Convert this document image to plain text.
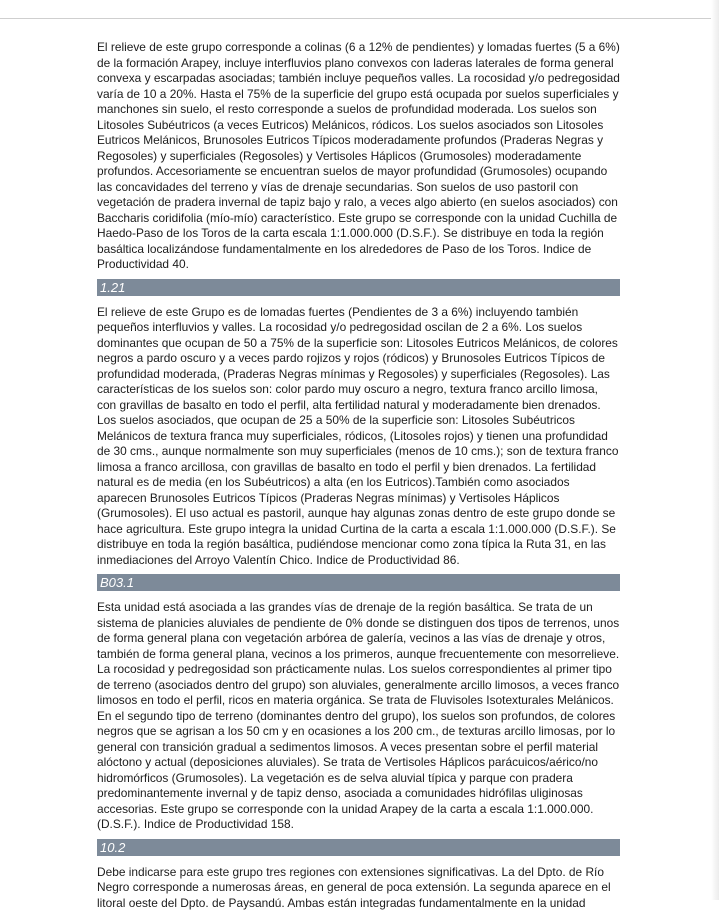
El relieve de este grupo corresponde a colinas (6 a 12% de pendientes) y lomadas fuertes (5 a 6%) de la formación Arapey, incluye interfluvios plano convexos con laderas laterales de forma general convexa y escarpadas asociadas; también incluye pequeños valles. La rocosidad y/o pedregosidad varía de 10 a 20%. Hasta el 75% de la superficie del grupo está ocupada por suelos superficiales y manchones sin suelo, el resto corresponde a suelos de profundidad moderada. Los suelos son Litosoles Subéutricos (a veces Eutricos) Melánicos, ródicos. Los suelos asociados son Litosoles Eutricos Melánicos, Brunosoles Eutricos Típicos moderadamente profundos (Praderas Negras y Regosoles) y superficiales (Regosoles) y Vertisoles Háplicos (Grumosoles) moderadamente profundos. Accesoriamente se encuentran suelos de mayor profundidad (Grumosoles) ocupando las concavidades del terreno y vías de drenaje secundarias. Son suelos de uso pastoril con vegetación de pradera invernal de tapiz bajo y ralo, a veces algo abierto (en suelos asociados) con Baccharis coridifolia (mío-mío) característico. Este grupo se corresponde con la unidad Cuchilla de Haedo-Paso de los Toros de la carta escala 1:1.000.000 (D.S.F.). Se distribuye en toda la región basáltica localizándose fundamentalmente en los alrededores de Paso de los Toros. Indice de Productividad 40.

1.21

El relieve de este Grupo es de lomadas fuertes (Pendientes de 3 a 6%) incluyendo también pequeños interfluvios y valles. La rocosidad y/o pedregosidad oscilan de 2 a 6%. Los suelos dominantes que ocupan de 50 a 75% de la superficie son: Litosoles Eutricos Melánicos, de colores negros a pardo oscuro y a veces pardo rojizos y rojos (ródicos) y Brunosoles Eutricos Típicos de profundidad moderada, (Praderas Negras mínimas y Regosoles) y superficiales (Regosoles). Las características de los suelos son: color pardo muy oscuro a negro, textura franco arcillo limosa, con gravillas de basalto en todo el perfil, alta fertilidad natural y moderadamente bien drenados. Los suelos asociados, que ocupan de 25 a 50% de la superficie son: Litosoles Subéutricos Melánicos de textura franca muy superficiales, ródicos, (Litosoles rojos) y tienen una profundidad de 30 cms., aunque normalmente son muy superficiales (menos de 10 cms.); son de textura franco limosa a franco arcillosa, con gravillas de basalto en todo el perfil y bien drenados. La fertilidad natural es de media (en los Subéutricos) a alta (en los Eutricos).También como asociados aparecen Brunosoles Eutricos Típicos (Praderas Negras mínimas) y Vertisoles Háplicos (Grumosoles). El uso actual es pastoril, aunque hay algunas zonas dentro de este grupo donde se hace agricultura. Este grupo integra la unidad Curtina de la carta a escala 1:1.000.000 (D.S.F.). Se distribuye en toda la región basáltica, pudiéndose mencionar como zona típica la Ruta 31, en las inmediaciones del Arroyo Valentín Chico. Indice de Productividad 86.

B03.1

Esta unidad está asociada a las grandes vías de drenaje de la región basáltica. Se trata de un sistema de planicies aluviales de pendiente de 0% donde se distinguen dos tipos de terrenos, unos de forma general plana con vegetación arbórea de galería, vecinos a las vías de drenaje y otros, también de forma general plana, vecinos a los primeros, aunque frecuentemente con mesorrelieve. La rocosidad y pedregosidad son prácticamente nulas. Los suelos correspondientes al primer tipo de terreno (asociados dentro del grupo) son aluviales, generalmente arcillo limosos, a veces franco limosos en todo el perfil, ricos en materia orgánica. Se trata de Fluvisoles Isotexturales Melánicos. En el segundo tipo de terreno (dominantes dentro del grupo), los suelos son profundos, de colores negros que se agrisan a los 50 cm y en ocasiones a los 200 cm., de texturas arcillo limosas, por lo general con transición gradual a sedimentos limosos. A veces presentan sobre el perfil material alóctono y actual (deposiciones aluviales). Se trata de Vertisoles Háplicos parácuicos/aérico/no hidromórficos (Grumosoles). La vegetación es de selva aluvial típica y parque con pradera predominantemente invernal y de tapiz denso, asociada a comunidades hidrófilas uliginosas accesorias. Este grupo se corresponde con la unidad Arapey de la carta a escala 1:1.000.000. (D.S.F.). Indice de Productividad 158.

10.2

Debe indicarse para este grupo tres regiones con extensiones significativas. La del Dpto. de Río Negro corresponde a numerosas áreas, en general de poca extensión. La segunda aparece en el litoral oeste del Dpto. de Paysandú. Ambas están integradas fundamentalmente en la unidad
